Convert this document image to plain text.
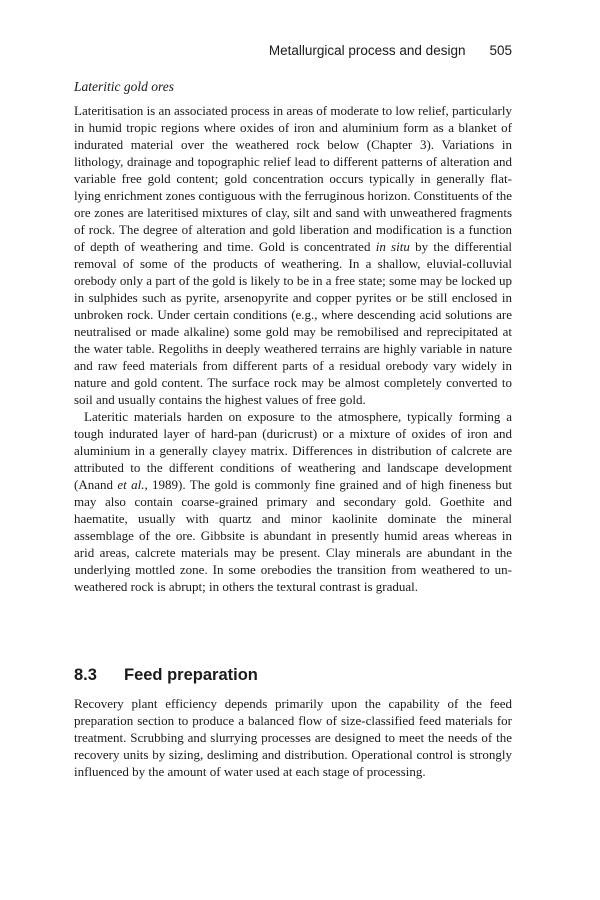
Metallurgical process and design 505
Lateritic gold ores

Lateritisation is an associated process in areas of moderate to low relief, particularly in humid tropic regions where oxides of iron and aluminium form as a blanket of indurated material over the weathered rock below (Chapter 3). Variations in lithology, drainage and topographic relief lead to different patterns of alteration and variable free gold content; gold concentration occurs typically in generally flat-lying enrichment zones contiguous with the ferruginous horizon. Constituents of the ore zones are lateritised mixtures of clay, silt and sand with unweathered fragments of rock. The degree of alteration and gold liberation and modification is a function of depth of weathering and time. Gold is concentrated in situ by the differential removal of some of the products of weathering. In a shallow, eluvial-colluvial orebody only a part of the gold is likely to be in a free state; some may be locked up in sulphides such as pyrite, arsenopyrite and copper pyrites or be still enclosed in unbroken rock. Under certain conditions (e.g., where descending acid solutions are neutralised or made alkaline) some gold may be remobilised and reprecipitated at the water table. Regoliths in deeply weathered terrains are highly variable in nature and raw feed materials from different parts of a residual orebody vary widely in nature and gold content. The surface rock may be almost completely converted to soil and usually contains the highest values of free gold.

Lateritic materials harden on exposure to the atmosphere, typically forming a tough indurated layer of hard-pan (duricrust) or a mixture of oxides of iron and aluminium in a generally clayey matrix. Differences in distribution of calcrete are attributed to the different conditions of weathering and landscape development (Anand et al., 1989). The gold is commonly fine grained and of high fineness but may also contain coarse-grained primary and secondary gold. Goethite and haematite, usually with quartz and minor kaolinite dominate the mineral assemblage of the ore. Gibbsite is abundant in presently humid areas whereas in arid areas, calcrete materials may be present. Clay minerals are abundant in the underlying mottled zone. In some orebodies the transition from weathered to un-weathered rock is abrupt; in others the textural contrast is gradual.

8.3 Feed preparation

Recovery plant efficiency depends primarily upon the capability of the feed preparation section to produce a balanced flow of size-classified feed materials for treatment. Scrubbing and slurrying processes are designed to meet the needs of the recovery units by sizing, desliming and distribution. Operational control is strongly influenced by the amount of water used at each stage of processing.
